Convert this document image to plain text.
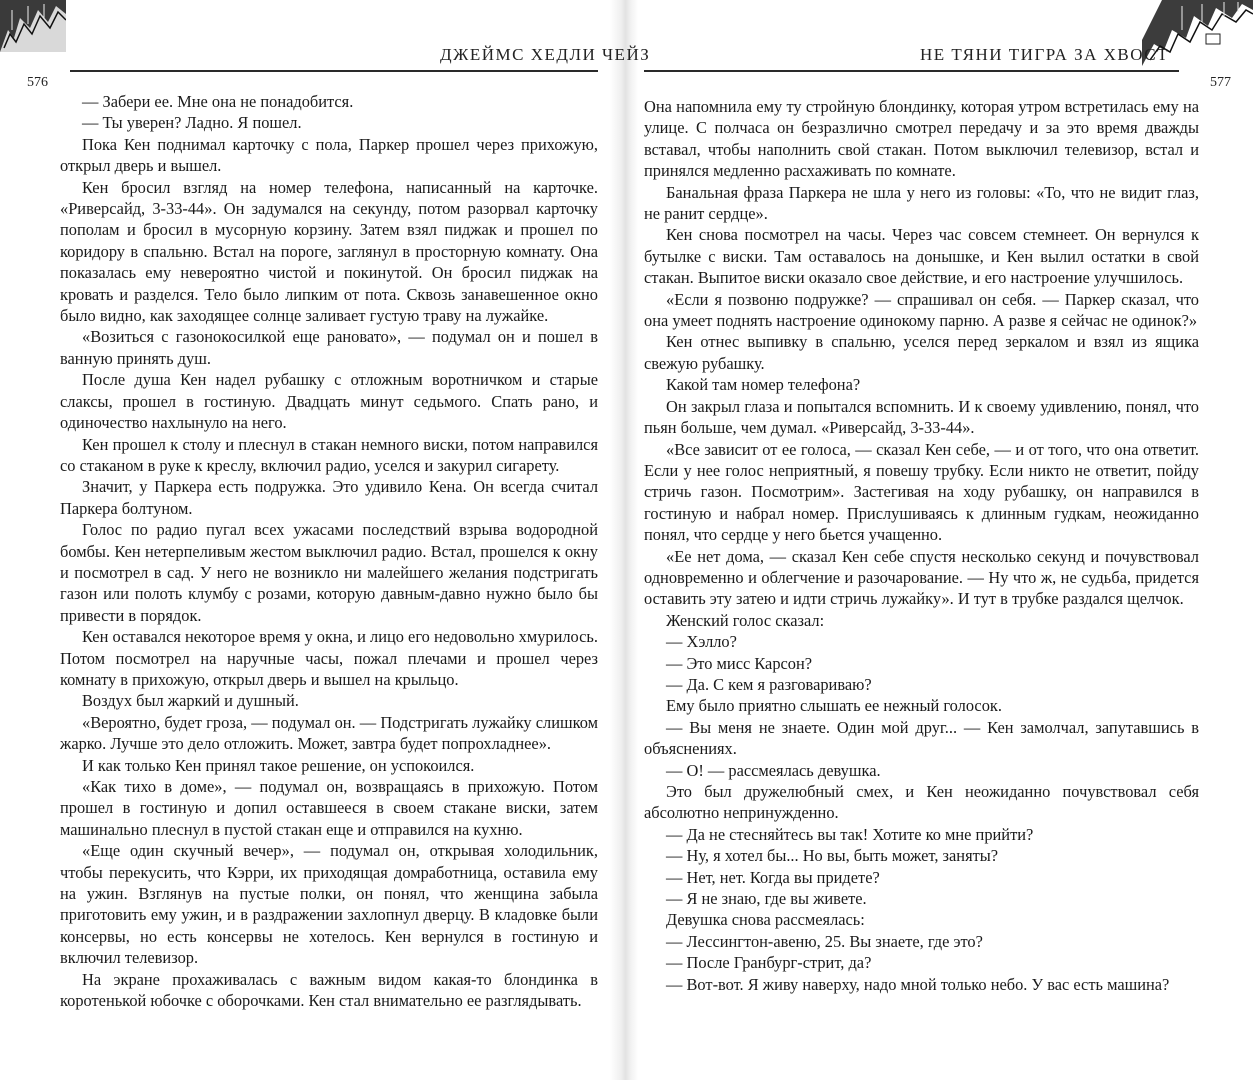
ДЖЕЙМС ХЕДЛИ ЧЕЙЗ
576

— Забери ее. Мне она не понадобится.

— Ты уверен? Ладно. Я пошел.

Пока Кен поднимал карточку с пола, Паркер прошел через прихожую, открыл дверь и вышел.

Кен бросил взгляд на номер телефона, написанный на карточке. «Риверсайд, 3-33-44». Он задумался на секунду, потом разорвал карточку пополам и бросил в мусорную корзину. Затем взял пиджак и прошел по коридору в спальню. Встал на пороге, заглянул в просторную комнату. Она показалась ему невероятно чистой и покинутой. Он бросил пиджак на кровать и разделся. Тело было липким от пота. Сквозь занавешенное окно было видно, как заходящее солнце заливает густую траву на лужайке.

«Возиться с газонокосилкой еще рановато», — подумал он и пошел в ванную принять душ.

После душа Кен надел рубашку с отложным воротничком и старые слаксы, прошел в гостиную. Двадцать минут седьмого. Спать рано, и одиночество нахлынуло на него.

Кен прошел к столу и плеснул в стакан немного виски, потом направился со стаканом в руке к креслу, включил радио, уселся и закурил сигарету.

Значит, у Паркера есть подружка. Это удивило Кена. Он всегда считал Паркера болтуном.

Голос по радио пугал всех ужасами последствий взрыва водородной бомбы. Кен нетерпеливым жестом выключил радио. Встал, прошелся к окну и посмотрел в сад. У него не возникло ни малейшего желания подстригать газон или полоть клумбу с розами, которую давным-давно нужно было бы привести в порядок.

Кен оставался некоторое время у окна, и лицо его недовольно хмурилось. Потом посмотрел на наручные часы, пожал плечами и прошел через комнату в прихожую, открыл дверь и вышел на крыльцо.

Воздух был жаркий и душный.

«Вероятно, будет гроза, — подумал он. — Подстригать лужайку слишком жарко. Лучше это дело отложить. Может, завтра будет попрохладнее».

И как только Кен принял такое решение, он успокоился.

«Как тихо в доме», — подумал он, возвращаясь в прихожую. Потом прошел в гостиную и допил оставшееся в своем стакане виски, затем машинально плеснул в пустой стакан еще и отправился на кухню.

«Еще один скучный вечер», — подумал он, открывая холодильник, чтобы перекусить, что Кэрри, их приходящая домработница, оставила ему на ужин. Взглянув на пустые полки, он понял, что женщина забыла приготовить ему ужин, и в раздражении захлопнул дверцу. В кладовке были консервы, но есть консервы не хотелось. Кен вернулся в гостиную и включил телевизор.

На экране прохаживалась с важным видом какая-то блондинка в коротенькой юбочке с оборочками. Кен стал внимательно ее разглядывать.

НЕ ТЯНИ ТИГРА ЗА ХВОСТ
577

Она напомнила ему ту стройную блондинку, которая утром встретилась ему на улице. С полчаса он безразлично смотрел передачу и за это время дважды вставал, чтобы наполнить свой стакан. Потом выключил телевизор, встал и принялся медленно расхаживать по комнате.

Банальная фраза Паркера не шла у него из головы: «То, что не видит глаз, не ранит сердце».

Кен снова посмотрел на часы. Через час совсем стемнеет. Он вернулся к бутылке с виски. Там оставалось на донышке, и Кен вылил остатки в свой стакан. Выпитое виски оказало свое действие, и его настроение улучшилось.

«Если я позвоню подружке? — спрашивал он себя. — Паркер сказал, что она умеет поднять настроение одинокому парню. А разве я сейчас не одинок?»

Кен отнес выпивку в спальню, уселся перед зеркалом и взял из ящика свежую рубашку.

Какой там номер телефона?

Он закрыл глаза и попытался вспомнить. И к своему удивлению, понял, что пьян больше, чем думал. «Риверсайд, 3-33-44».

«Все зависит от ее голоса, — сказал Кен себе, — и от того, что она ответит. Если у нее голос неприятный, я повешу трубку. Если никто не ответит, пойду стричь газон. Посмотрим». Застегивая на ходу рубашку, он направился в гостиную и набрал номер. Прислушиваясь к длинным гудкам, неожиданно понял, что сердце у него бьется учащенно.

«Ее нет дома, — сказал Кен себе спустя несколько секунд и почувствовал одновременно и облегчение и разочарование. — Ну что ж, не судьба, придется оставить эту затею и идти стричь лужайку». И тут в трубке раздался щелчок.

Женский голос сказал:

— Хэлло?

— Это мисс Карсон?

— Да. С кем я разговариваю?

Ему было приятно слышать ее нежный голосок.

— Вы меня не знаете. Один мой друг... — Кен замолчал, запутавшись в объяснениях.

— О! — рассмеялась девушка.

Это был дружелюбный смех, и Кен неожиданно почувствовал себя абсолютно непринужденно.

— Да не стесняйтесь вы так! Хотите ко мне прийти?

— Ну, я хотел бы... Но вы, быть может, заняты?

— Нет, нет. Когда вы придете?

— Я не знаю, где вы живете.

Девушка снова рассмеялась:

— Лессингтон-авеню, 25. Вы знаете, где это?

— После Гранбург-стрит, да?

— Вот-вот. Я живу наверху, надо мной только небо. У вас есть машина?
